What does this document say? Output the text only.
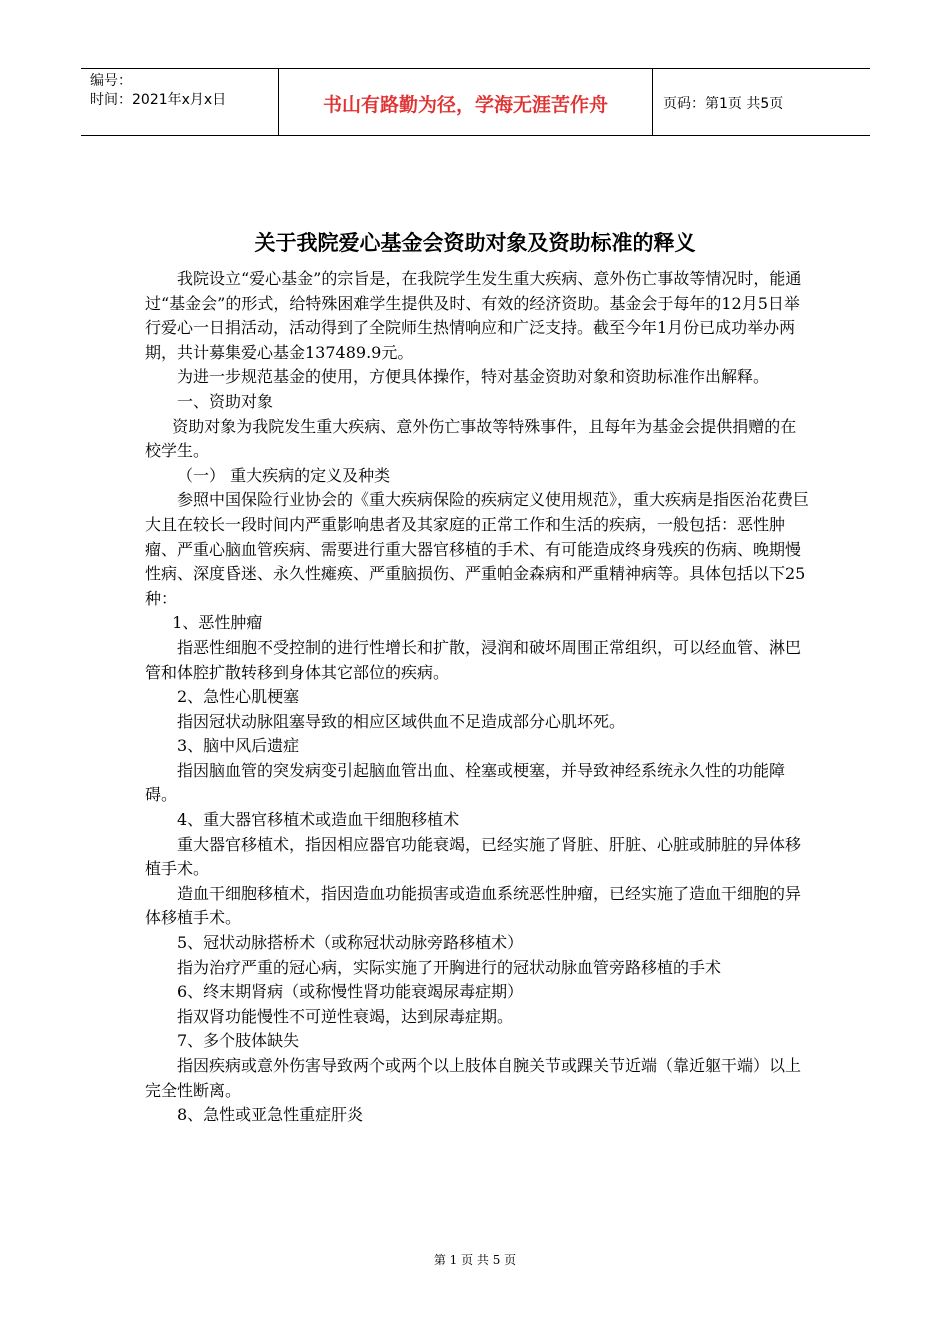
编号：
时间：2021年x月x日	书山有路勤为径，学海无涯苦作舟	页码：第1页 共5页
关于我院爱心基金会资助对象及资助标准的释义

我院设立“爱心基金”的宗旨是，在我院学生发生重大疾病、意外伤亡事故等情况时，能通过“基金会”的形式，给特殊困难学生提供及时、有效的经济资助。基金会于每年的12月5日举行爱心一日捐活动，活动得到了全院师生热情响应和广泛支持。截至今年1月份已成功举办两期，共计募集爱心基金137489.9元。

为进一步规范基金的使用，方便具体操作，特对基金资助对象和资助标准作出解释。

一、资助对象

资助对象为我院发生重大疾病、意外伤亡事故等特殊事件，且每年为基金会提供捐赠的在校学生。

（一） 重大疾病的定义及种类

参照中国保险行业协会的《重大疾病保险的疾病定义使用规范》，重大疾病是指医治花费巨大且在较长一段时间内严重影响患者及其家庭的正常工作和生活的疾病，一般包括：恶性肿瘤、严重心脑血管疾病、需要进行重大器官移植的手术、有可能造成终身残疾的伤病、晚期慢性病、深度昏迷、永久性瘫痪、严重脑损伤、严重帕金森病和严重精神病等。具体包括以下25种：

1、恶性肿瘤

指恶性细胞不受控制的进行性增长和扩散，浸润和破坏周围正常组织，可以经血管、淋巴管和体腔扩散转移到身体其它部位的疾病。

2、急性心肌梗塞

指因冠状动脉阻塞导致的相应区域供血不足造成部分心肌坏死。

3、脑中风后遗症

指因脑血管的突发病变引起脑血管出血、栓塞或梗塞，并导致神经系统永久性的功能障碍。

4、重大器官移植术或造血干细胞移植术

重大器官移植术，指因相应器官功能衰竭，已经实施了肾脏、肝脏、心脏或肺脏的异体移植手术。

造血干细胞移植术，指因造血功能损害或造血系统恶性肿瘤，已经实施了造血干细胞的异体移植手术。

5、冠状动脉搭桥术（或称冠状动脉旁路移植术）

指为治疗严重的冠心病，实际实施了开胸进行的冠状动脉血管旁路移植的手术

6、终末期肾病（或称慢性肾功能衰竭尿毒症期）

指双肾功能慢性不可逆性衰竭，达到尿毒症期。

7、多个肢体缺失

指因疾病或意外伤害导致两个或两个以上肢体自腕关节或踝关节近端（靠近躯干端）以上完全性断离。

8、急性或亚急性重症肝炎

第 1 页 共 5 页
